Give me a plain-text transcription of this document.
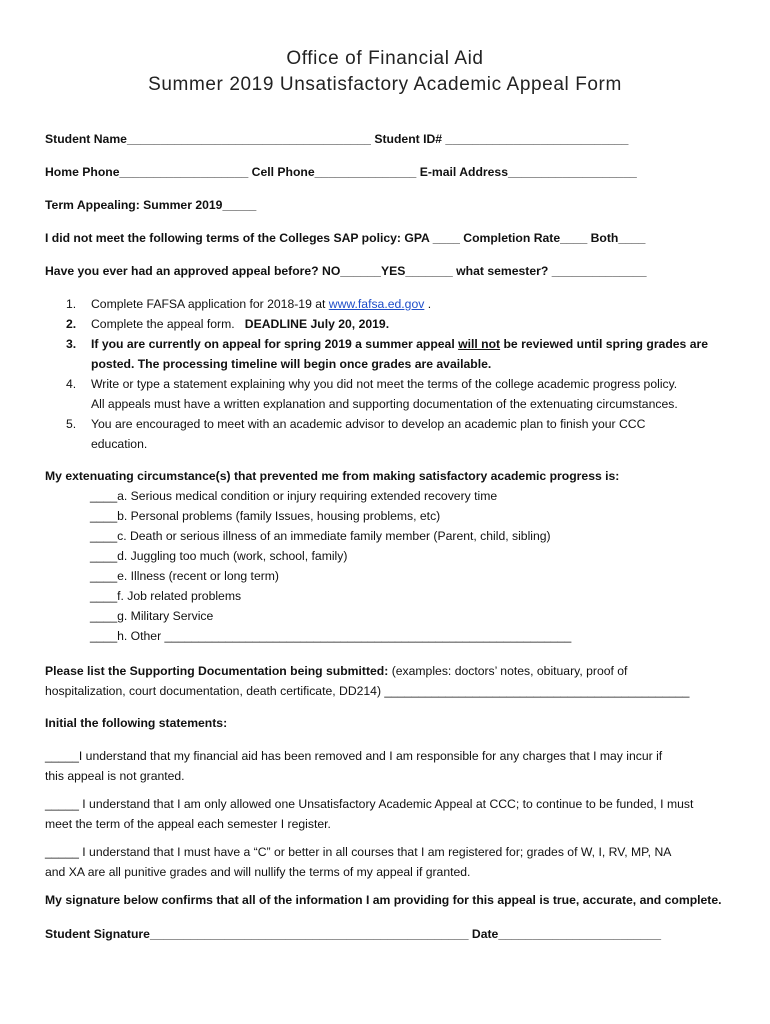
Office of Financial Aid
Summer 2019 Unsatisfactory Academic Appeal Form
Student Name____________________________________ Student ID# ___________________________
Home Phone___________________ Cell Phone_______________ E-mail Address___________________
Term Appealing: Summer 2019_____
I did not meet the following terms of the Colleges SAP policy: GPA ____ Completion Rate____ Both____
Have you ever had an approved appeal before? NO______YES_______ what semester? ______________
1. Complete FAFSA application for 2018-19 at www.fafsa.ed.gov .
2. Complete the appeal form. DEADLINE July 20, 2019.
3. If you are currently on appeal for spring 2019 a summer appeal will not be reviewed until spring grades are
posted. The processing timeline will begin once grades are available.
4. Write or type a statement explaining why you did not meet the terms of the college academic progress policy.
All appeals must have a written explanation and supporting documentation of the extenuating circumstances.
5. You are encouraged to meet with an academic advisor to develop an academic plan to finish your CCC
education.
My extenuating circumstance(s) that prevented me from making satisfactory academic progress is:
____a. Serious medical condition or injury requiring extended recovery time
____b. Personal problems (family Issues, housing problems, etc)
____c. Death or serious illness of an immediate family member (Parent, child, sibling)
____d. Juggling too much (work, school, family)
____e. Illness (recent or long term)
____f. Job related problems
____g. Military Service
____h. Other ____________________________________________________________
Please list the Supporting Documentation being submitted: (examples: doctors’ notes, obituary, proof of
hospitalization, court documentation, death certificate, DD214) _____________________________________________
Initial the following statements:
_____I understand that my financial aid has been removed and I am responsible for any charges that I may incur if
this appeal is not granted.
_____ I understand that I am only allowed one Unsatisfactory Academic Appeal at CCC; to continue to be funded, I must
meet the term of the appeal each semester I register.
_____ I understand that I must have a “C” or better in all courses that I am registered for; grades of W, I, RV, MP, NA
and XA are all punitive grades and will nullify the terms of my appeal if granted.
My signature below confirms that all of the information I am providing for this appeal is true, accurate, and complete.
Student Signature_______________________________________________ Date________________________
